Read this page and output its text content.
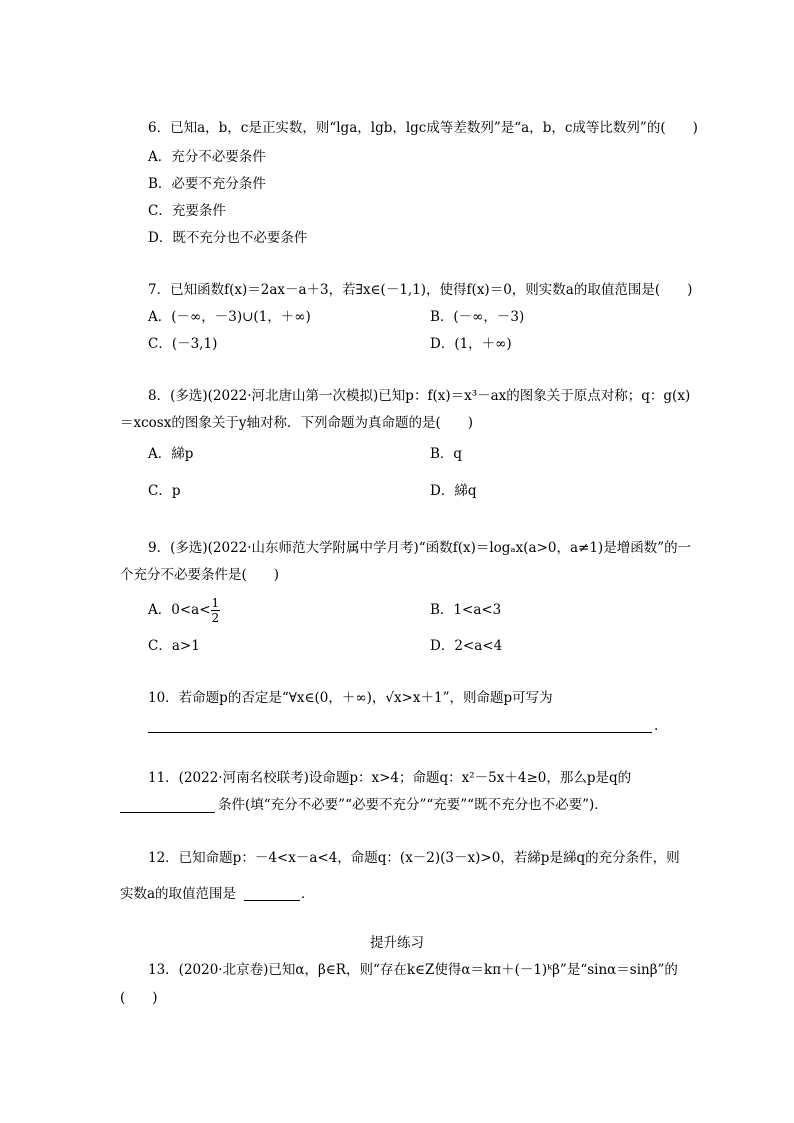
6．已知a，b，c是正实数，则“lga，lgb，lgc成等差数列”是“a，b，c成等比数列”的(　　)
A．充分不必要条件
B．必要不充分条件
C．充要条件
D．既不充分也不必要条件
7．已知函数f(x)＝2ax－a＋3，若∃x∈(－1,1)，使得f(x)＝0，则实数a的取值范围是(　　)
A．(－∞，－3)∪(1，＋∞)	B．(－∞，－3)
C．(－3,1)	D．(1，＋∞)
8．(多选)(2022·河北唐山第一次模拟)已知p：f(x)＝x³－ax的图象关于原点对称；q：g(x)
＝xcosx的图象关于y轴对称．下列命题为真命题的是(　　)
A．綈p	B．q
C．p	D．綈q
9．(多选)(2022·山东师范大学附属中学月考)“函数f(x)＝logₐx(a>0，a≠1)是增函数”的一
个充分不必要条件是(　　)
A．$0<a< \frac{1}{2}$	B．1<a<3
C．a>1	D．2<a<4
10．若命题p的否定是“∀x∈(0，＋∞)，√x>x＋1”，则命题p可写为
.
11．(2022·河南名校联考)设命题p：x>4；命题q：x²－5x＋4≥0，那么p是q的
条件(填“充分不必要”“必要不充分”“充要”“既不充分也不必要”)．
12．已知命题p：－4<x－a<4，命题q：(x－2)(3－x)>0，若綈p是綈q的充分条件，则
实数a的取值范围是	．
提升练习
13．(2020·北京卷)已知α，β∈R，则“存在k∈Z使得α＝kπ＋(－1)ᵏβ”是“sinα＝sinβ”的
(　　)
